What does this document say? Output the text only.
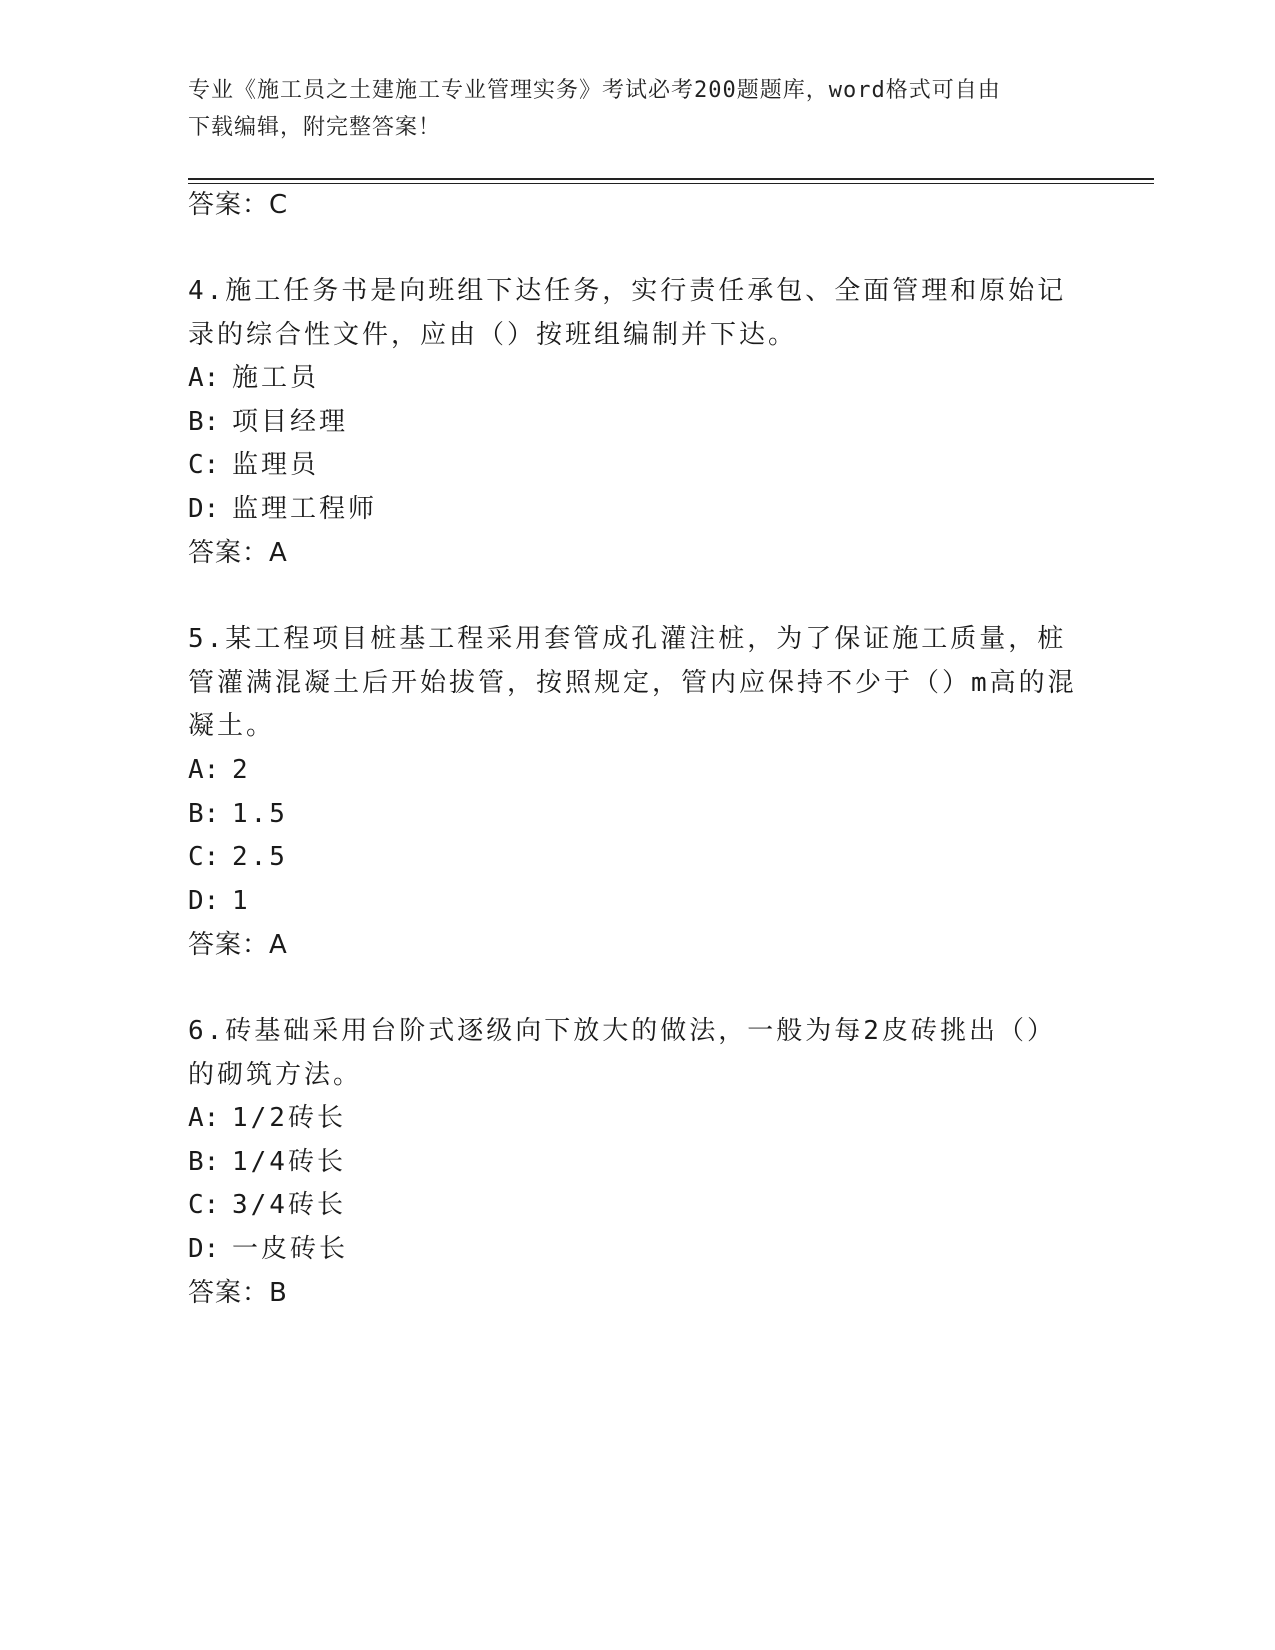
专业《施工员之土建施工专业管理实务》考试必考200题题库，word格式可自由
下载编辑，附完整答案！
答案：C
4.施工任务书是向班组下达任务，实行责任承包、全面管理和原始记
录的综合性文件，应由（）按班组编制并下达。
A: 施工员
B: 项目经理
C: 监理员
D: 监理工程师
答案：A
5.某工程项目桩基工程采用套管成孔灌注桩，为了保证施工质量，桩
管灌满混凝土后开始拔管，按照规定，管内应保持不少于（）m高的混
凝土。
A: 2
B: 1.5
C: 2.5
D: 1
答案：A
6.砖基础采用台阶式逐级向下放大的做法，一般为每2皮砖挑出（）
的砌筑方法。
A: 1/2砖长
B: 1/4砖长
C: 3/4砖长
D: 一皮砖长
答案：B
